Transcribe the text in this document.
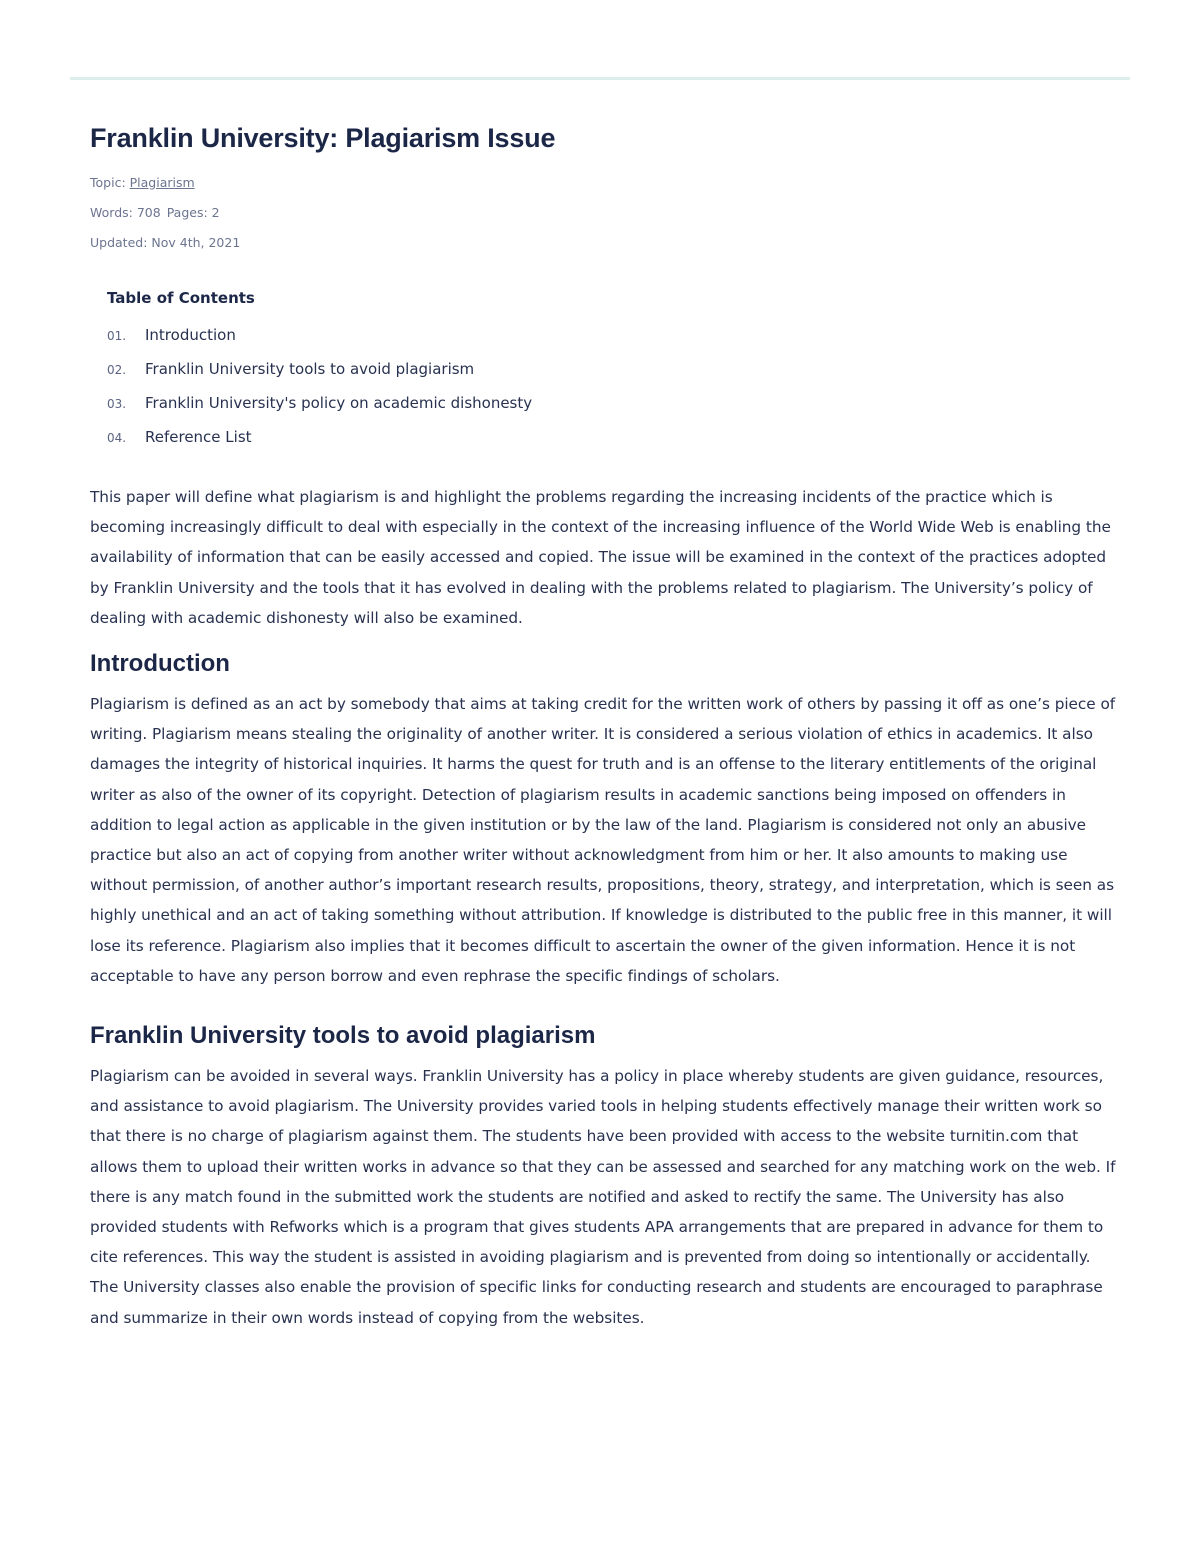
Franklin University: Plagiarism Issue
Topic: Plagiarism
Words: 708 Pages: 2
Updated: Nov 4th, 2021
Table of Contents
01.	Introduction
02.	Franklin University tools to avoid plagiarism
03.	Franklin University's policy on academic dishonesty
04.	Reference List

This paper will define what plagiarism is and highlight the problems regarding the increasing incidents of the practice which is becoming increasingly difficult to deal with especially in the context of the increasing influence of the World Wide Web is enabling the availability of information that can be easily accessed and copied. The issue will be examined in the context of the practices adopted by Franklin University and the tools that it has evolved in dealing with the problems related to plagiarism. The University’s policy of dealing with academic dishonesty will also be examined.

Introduction

Plagiarism is defined as an act by somebody that aims at taking credit for the written work of others by passing it off as one’s piece of writing. Plagiarism means stealing the originality of another writer. It is considered a serious violation of ethics in academics. It also damages the integrity of historical inquiries. It harms the quest for truth and is an offense to the literary entitlements of the original writer as also of the owner of its copyright. Detection of plagiarism results in academic sanctions being imposed on offenders in addition to legal action as applicable in the given institution or by the law of the land. Plagiarism is considered not only an abusive practice but also an act of copying from another writer without acknowledgment from him or her. It also amounts to making use without permission, of another author’s important research results, propositions, theory, strategy, and interpretation, which is seen as highly unethical and an act of taking something without attribution. If knowledge is distributed to the public free in this manner, it will lose its reference. Plagiarism also implies that it becomes difficult to ascertain the owner of the given information. Hence it is not acceptable to have any person borrow and even rephrase the specific findings of scholars.

Franklin University tools to avoid plagiarism

Plagiarism can be avoided in several ways. Franklin University has a policy in place whereby students are given guidance, resources, and assistance to avoid plagiarism. The University provides varied tools in helping students effectively manage their written work so that there is no charge of plagiarism against them. The students have been provided with access to the website turnitin.com that allows them to upload their written works in advance so that they can be assessed and searched for any matching work on the web. If there is any match found in the submitted work the students are notified and asked to rectify the same. The University has also provided students with Refworks which is a program that gives students APA arrangements that are prepared in advance for them to cite references. This way the student is assisted in avoiding plagiarism and is prevented from doing so intentionally or accidentally. The University classes also enable the provision of specific links for conducting research and students are encouraged to paraphrase and summarize in their own words instead of copying from the websites.
